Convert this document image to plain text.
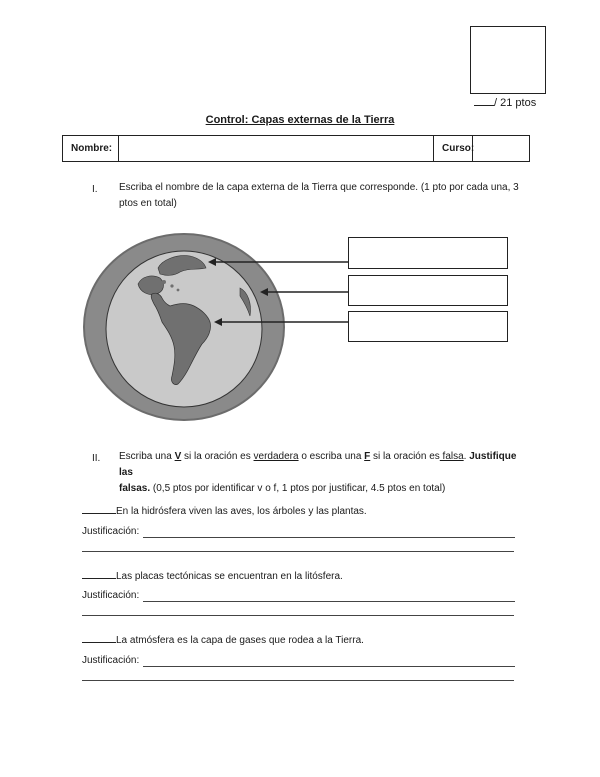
/ 21 ptos
Control: Capas externas de la Tierra
Nombre:	Curso:
I. Escriba el nombre de la capa externa de la Tierra que corresponde. (1 pto por cada una, 3
ptos en total)
II. Escriba una V si la oración es verdadera o escriba una F si la oración es falsa. Justifique las
falsas. (0,5 ptos por identificar v o f, 1 ptos por justificar, 4.5 ptos en total)
En la hidrósfera viven las aves, los árboles y las plantas.
Justificación:
Las placas tectónicas se encuentran en la litósfera.
Justificación:
La atmósfera es la capa de gases que rodea a la Tierra.
Justificación:
